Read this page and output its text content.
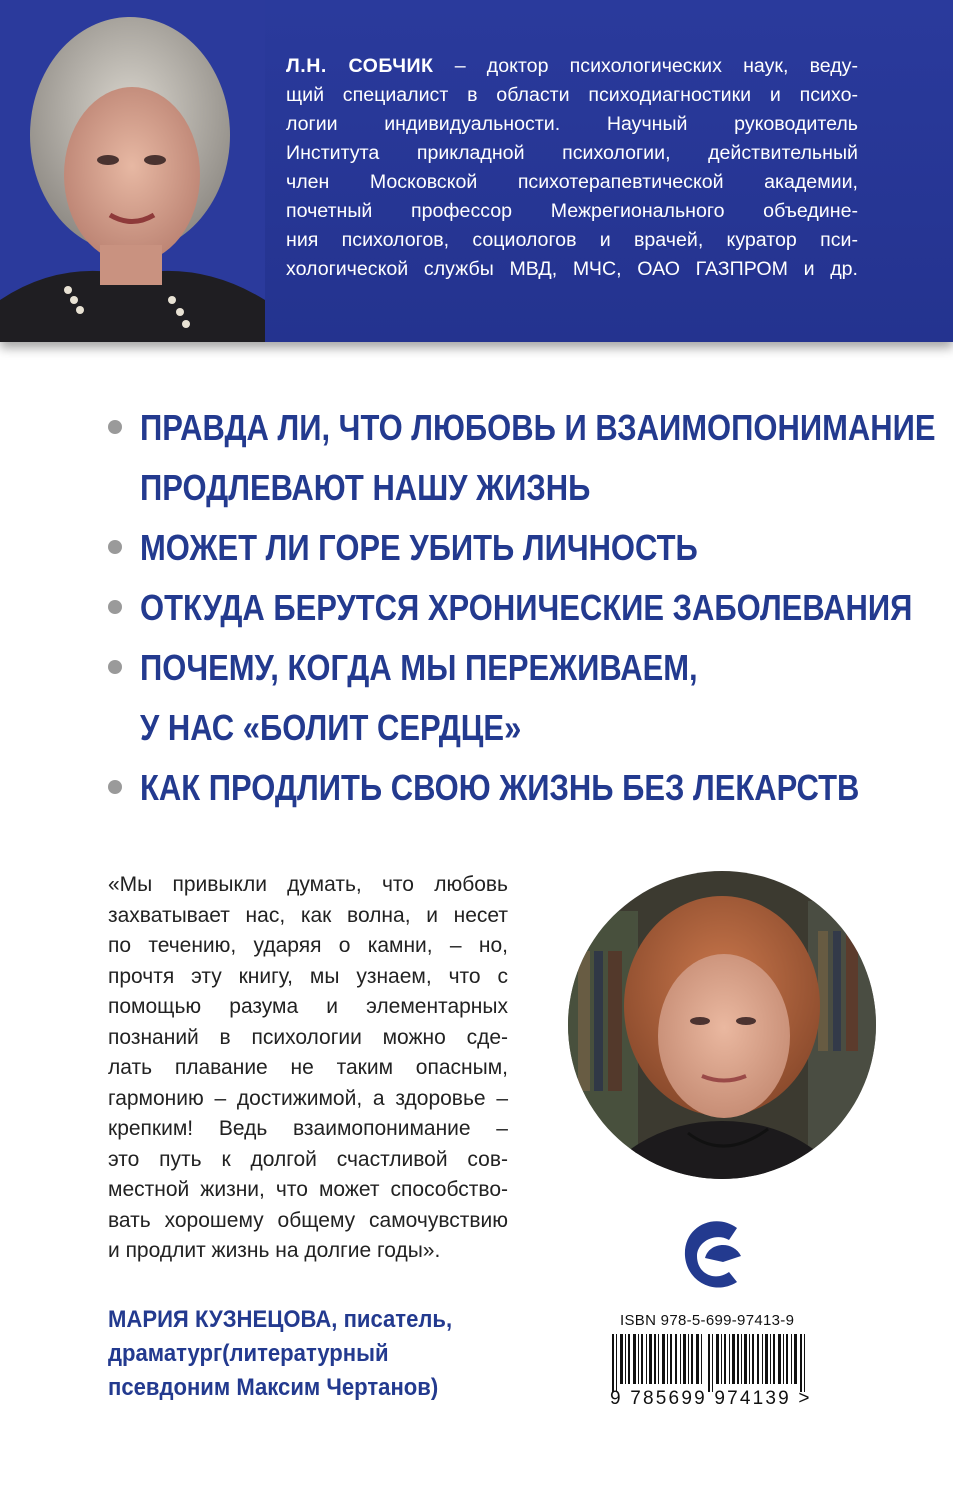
Л.Н. СОБЧИК – доктор психологических наук, веду-
щий специалист в области психодиагностики и психо-
логии индивидуальности. Научный руководитель
Института прикладной психологии, действительный
член Московской психотерапевтической академии,
почетный профессор Межрегионального объедине-
ния психологов, социологов и врачей, куратор пси-
хологической службы МВД, МЧС, ОАО ГАЗПРОМ и др.
ПРАВДА ЛИ, ЧТО ЛЮБОВЬ И ВЗАИМОПОНИМАНИЕ
ПРОДЛЕВАЮТ НАШУ ЖИЗНЬ
МОЖЕТ ЛИ ГОРЕ УБИТЬ ЛИЧНОСТЬ
ОТКУДА БЕРУТСЯ ХРОНИЧЕСКИЕ ЗАБОЛЕВАНИЯ
ПОЧЕМУ, КОГДА МЫ ПЕРЕЖИВАЕМ,
У НАС «БОЛИТ СЕРДЦЕ»
КАК ПРОДЛИТЬ СВОЮ ЖИЗНЬ БЕЗ ЛЕКАРСТВ
«Мы привыкли думать, что любовь
захватывает нас, как волна, и несет
по течению, ударяя о камни, – но,
прочтя эту книгу, мы узнаем, что с
помощью разума и элементарных
познаний в психологии можно сде-
лать плавание не таким опасным,
гармонию – достижимой, а здоровье –
крепким! Ведь взаимопонимание –
это путь к долгой счастливой сов-
местной жизни, что может способство-
вать хорошему общему самочувствию
и продлит жизнь на долгие годы».
МАРИЯ КУЗНЕЦОВА, писатель,
драматург(литературный
псевдоним Максим Чертанов)
ISBN 978-5-699-97413-9
9 785699 974139 >
